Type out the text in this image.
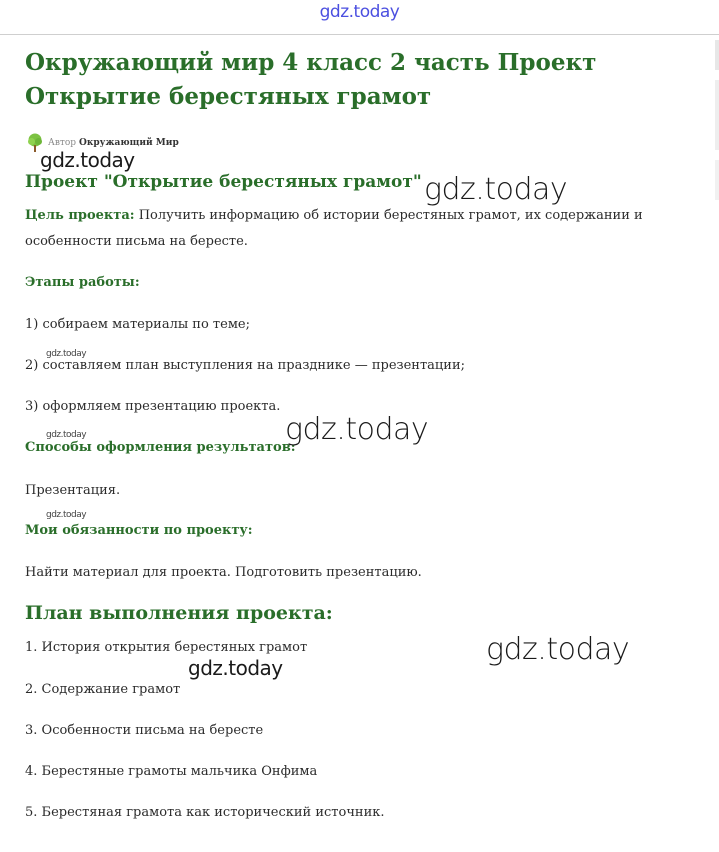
gdz.today
Окружающий мир 4 класс 2 часть Проект Открытие берестяных грамот
Автор Окружающий Мир
Проект "Открытие берестяных грамот"

Цель проекта: Получить информацию об истории берестяных грамот, их содержании и особенности письма на бересте.

Этапы работы:

1) собираем материалы по теме;

2) составляем план выступления на празднике — презентации;

3) оформляем презентацию проекта.

Способы оформления результатов:

Презентация.

Мои обязанности по проекту:

Найти материал для проекта. Подготовить презентацию.

План выполнения проекта:

1. История открытия берестяных грамот

2. Содержание грамот

3. Особенности письма на бересте

4. Берестяные грамоты мальчика Онфима

5. Берестяная грамота как исторический источник.

gdz.today
gdz.today
gdz.today
gdz.today	gdz.today
gdz.today
gdz.today
gdz.today
